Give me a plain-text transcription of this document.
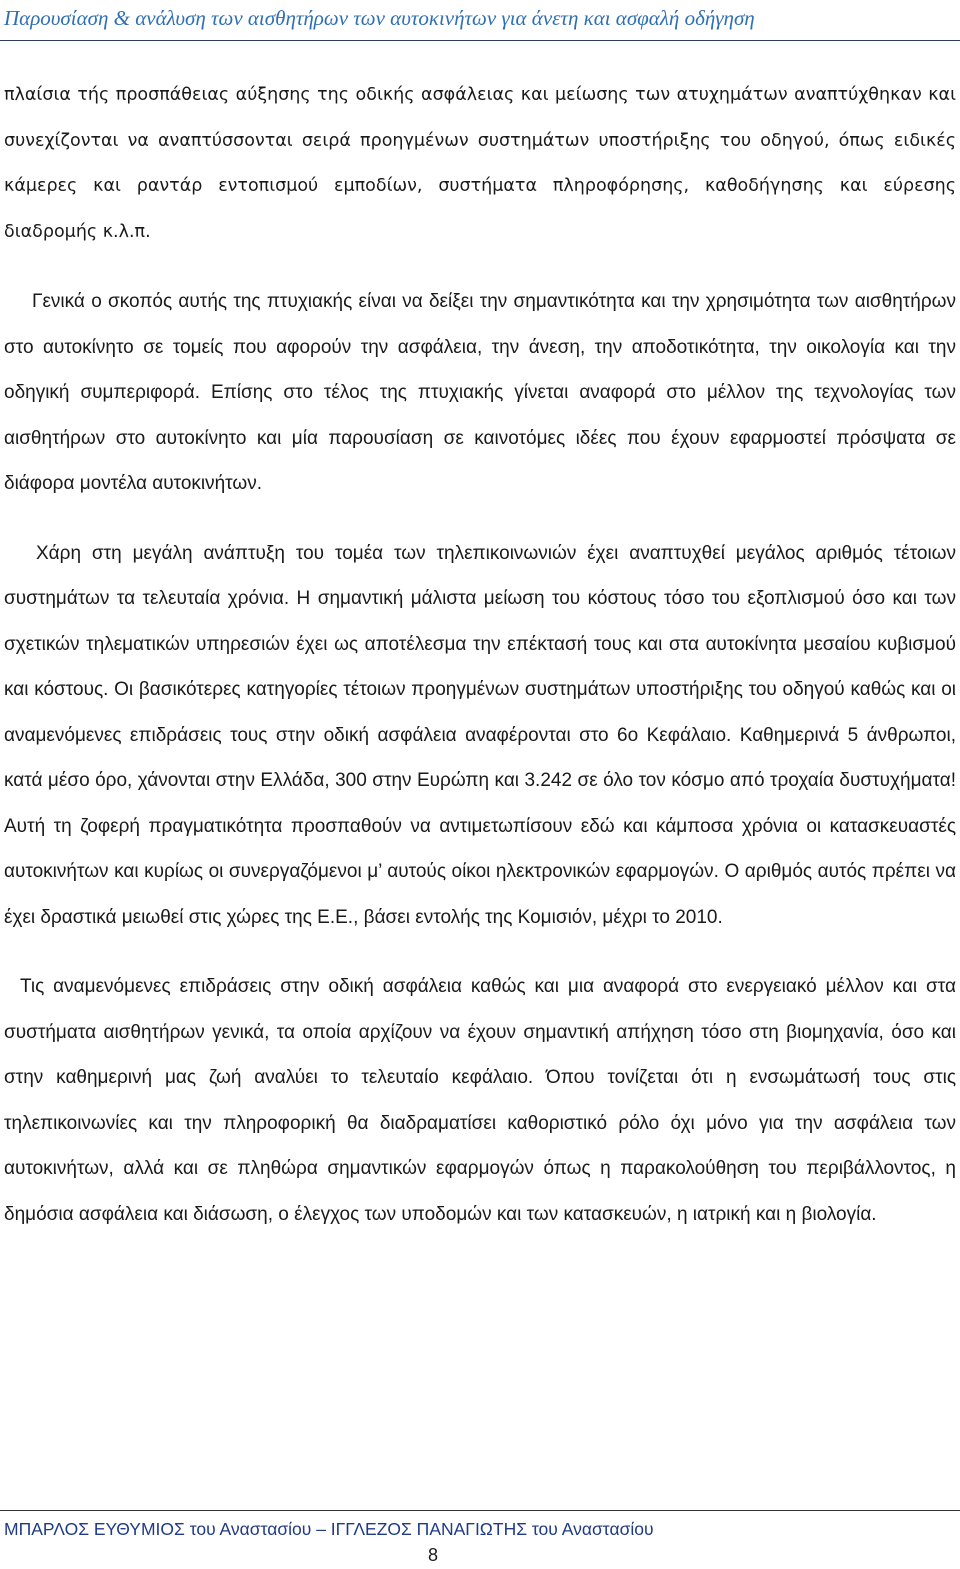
Παρουσίαση & ανάλυση των αισθητήρων των αυτοκινήτων για άνετη και ασφαλή οδήγηση

πλαίσια τής προσπάθειας αύξησης της οδικής ασφάλειας και μείωσης των ατυχημάτων αναπτύχθηκαν και συνεχίζονται να αναπτύσσονται σειρά προηγμένων συστημάτων υποστήριξης του οδηγού, όπως ειδικές κάμερες και ραντάρ εντοπισμού εμποδίων, συστήματα πληροφόρησης, καθοδήγησης και εύρεσης διαδρομής κ.λ.π.

Γενικά ο σκοπός αυτής της πτυχιακής είναι να δείξει την σημαντικότητα και την χρησιμότητα των αισθητήρων στο αυτοκίνητο σε τομείς που αφορούν την ασφάλεια, την άνεση, την αποδοτικότητα, την οικολογία και την οδηγική συμπεριφορά. Επίσης στο τέλος της πτυχιακής γίνεται αναφορά στο μέλλον της τεχνολογίας των αισθητήρων στο αυτοκίνητο και μία παρουσίαση σε καινοτόμες ιδέες που έχουν εφαρμοστεί πρόσψατα σε διάφορα μοντέλα αυτοκινήτων.

Χάρη στη μεγάλη ανάπτυξη του τομέα των τηλεπικοινωνιών έχει αναπτυχθεί μεγάλος αριθμός τέτοιων συστημάτων τα τελευταία χρόνια. Η σημαντική μάλιστα μείωση του κόστους τόσο του εξοπλισμού όσο και των σχετικών τηλεματικών υπηρεσιών έχει ως αποτέλεσμα την επέκτασή τους και στα αυτοκίνητα μεσαίου κυβισμού και κόστους. Οι βασικότερες κατηγορίες τέτοιων προηγμένων συστημάτων υποστήριξης του οδηγού καθώς και οι αναμενόμενες επιδράσεις τους στην οδική ασφάλεια αναφέρονται στο 6ο Κεφάλαιο. Καθημερινά 5 άνθρωποι, κατά μέσο όρο, χάνονται στην Ελλάδα, 300 στην Ευρώπη και 3.242 σε όλο τον κόσμο από τροχαία δυστυχήματα! Αυτή τη ζοφερή πραγματικότητα προσπαθούν να αντιμετωπίσουν εδώ και κάμποσα χρόνια οι κατασκευαστές αυτοκινήτων και κυρίως οι συνεργαζόμενοι μ’ αυτούς οίκοι ηλεκτρονικών εφαρμογών. Ο αριθμός αυτός πρέπει να έχει δραστικά μειωθεί στις χώρες της Ε.Ε., βάσει εντολής της Κομισιόν, μέχρι το 2010.

Τις αναμενόμενες επιδράσεις στην οδική ασφάλεια καθώς και μια αναφορά στο ενεργειακό μέλλον και στα συστήματα αισθητήρων γενικά, τα οποία αρχίζουν να έχουν σημαντική απήχηση τόσο στη βιομηχανία, όσο και στην καθημερινή μας ζωή αναλύει το τελευταίο κεφάλαιο. Όπου τονίζεται ότι η ενσωμάτωσή τους στις τηλεπικοινωνίες και την πληροφορική θα διαδραματίσει καθοριστικό ρόλο όχι μόνο για την ασφάλεια των αυτοκινήτων, αλλά και σε πληθώρα σημαντικών εφαρμογών όπως η παρακολούθηση του περιβάλλοντος, η δημόσια ασφάλεια και διάσωση, ο έλεγχος των υποδομών και των κατασκευών, η ιατρική και η βιολογία.

ΜΠΑΡΛΟΣ ΕΥΘΥΜΙΟΣ του Αναστασίου – ΙΓΓΛΕΖΟΣ ΠΑΝΑΓΙΩΤΗΣ του Αναστασίου
8
